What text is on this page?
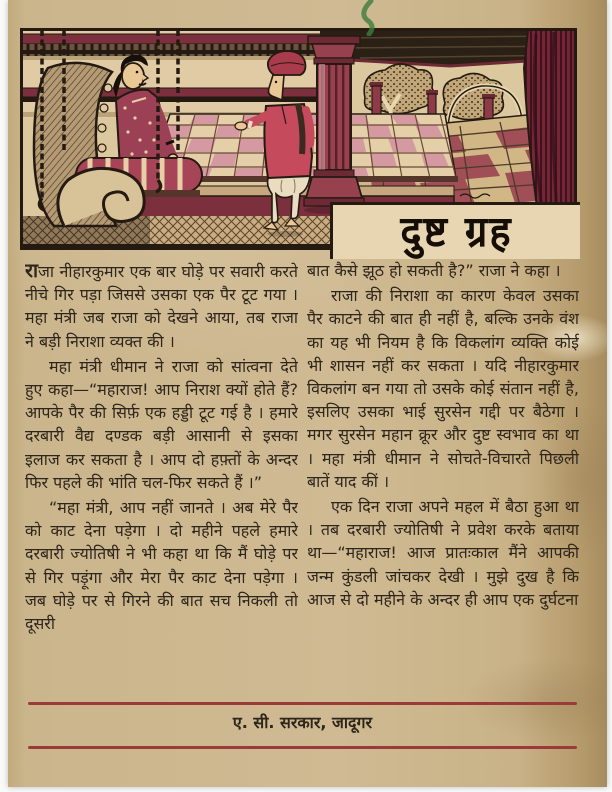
दुष्ट ग्रह

राजा नीहारकुमार एक बार घोड़े पर सवारी करते नीचे गिर पड़ा जिससे उसका एक पैर टूट गया । महा मंत्री जब राजा को देखने आया, तब राजा ने बड़ी निराशा व्यक्त की ।

महा मंत्री धीमान ने राजा को सांत्वना देते हुए कहा—“महाराज! आप निराश क्यों होते हैं? आपके पैर की सिर्फ़ एक हड्डी टूट गई है । हमारे दरबारी वैद्य दण्डक बड़ी आसानी से इसका इलाज कर सकता है । आप दो हफ़्तों के अन्दर फिर पहले की भांति चल-फिर सकते हैं ।”

“महा मंत्री, आप नहीं जानते । अब मेरे पैर को काट देना पड़ेगा । दो महीने पहले हमारे दरबारी ज्योतिषी ने भी कहा था कि मैं घोड़े पर से गिर पड़ूंगा और मेरा पैर काट देना पड़ेगा । जब घोड़े पर से गिरने की बात सच निकली तो दूसरी

बात कैसे झूठ हो सकती है?” राजा ने कहा ।

राजा की निराशा का कारण केवल उसका पैर काटने की बात ही नहीं है, बल्कि उनके वंश का यह भी नियम है कि विकलांग व्यक्ति कोई भी शासन नहीं कर सकता । यदि नीहारकुमार विकलांग बन गया तो उसके कोई संतान नहीं है, इसलिए उसका भाई सुरसेन गद्दी पर बैठेगा । मगर सुरसेन महान क्रूर और दुष्ट स्वभाव का था । महा मंत्री धीमान ने सोचते-विचारते पिछली बातें याद कीं ।

एक दिन राजा अपने महल में बैठा हुआ था । तब दरबारी ज्योतिषी ने प्रवेश करके बताया था—“महाराज! आज प्रातःकाल मैंने आपकी जन्म कुंडली जांचकर देखी । मुझे दुख है कि आज से दो महीने के अन्दर ही आप एक दुर्घटना

ए. सी. सरकार, जादूगर
